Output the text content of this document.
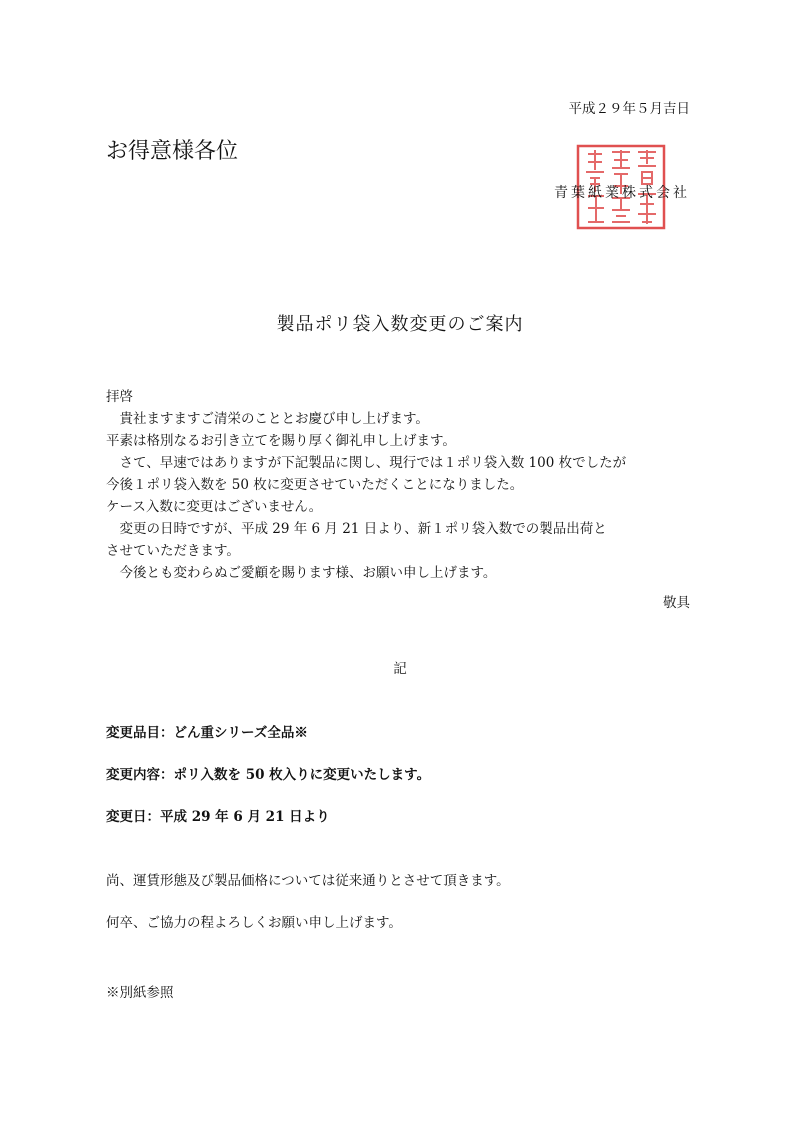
平成２９年５月吉日
お得意様各位
青葉紙業株式会社
製品ポリ袋入数変更のご案内
拝啓
　貴社ますますご清栄のこととお慶び申し上げます。
平素は格別なるお引き立てを賜り厚く御礼申し上げます。
　さて、早速ではありますが下記製品に関し、現行では１ポリ袋入数 100 枚でしたが
今後１ポリ袋入数を 50 枚に変更させていただくことになりました。
ケース入数に変更はございません。
　変更の日時ですが、平成 29 年 6 月 21 日より、新１ポリ袋入数での製品出荷と
させていただきます。
　今後とも変わらぬご愛顧を賜ります様、お願い申し上げます。
敬具
記
変更品目：どん重シリーズ全品※
変更内容：ポリ入数を 50 枚入りに変更いたします。
変更日：平成 29 年 6 月 21 日より
尚、運賃形態及び製品価格については従来通りとさせて頂きます。
何卒、ご協力の程よろしくお願い申し上げます。
※別紙参照
